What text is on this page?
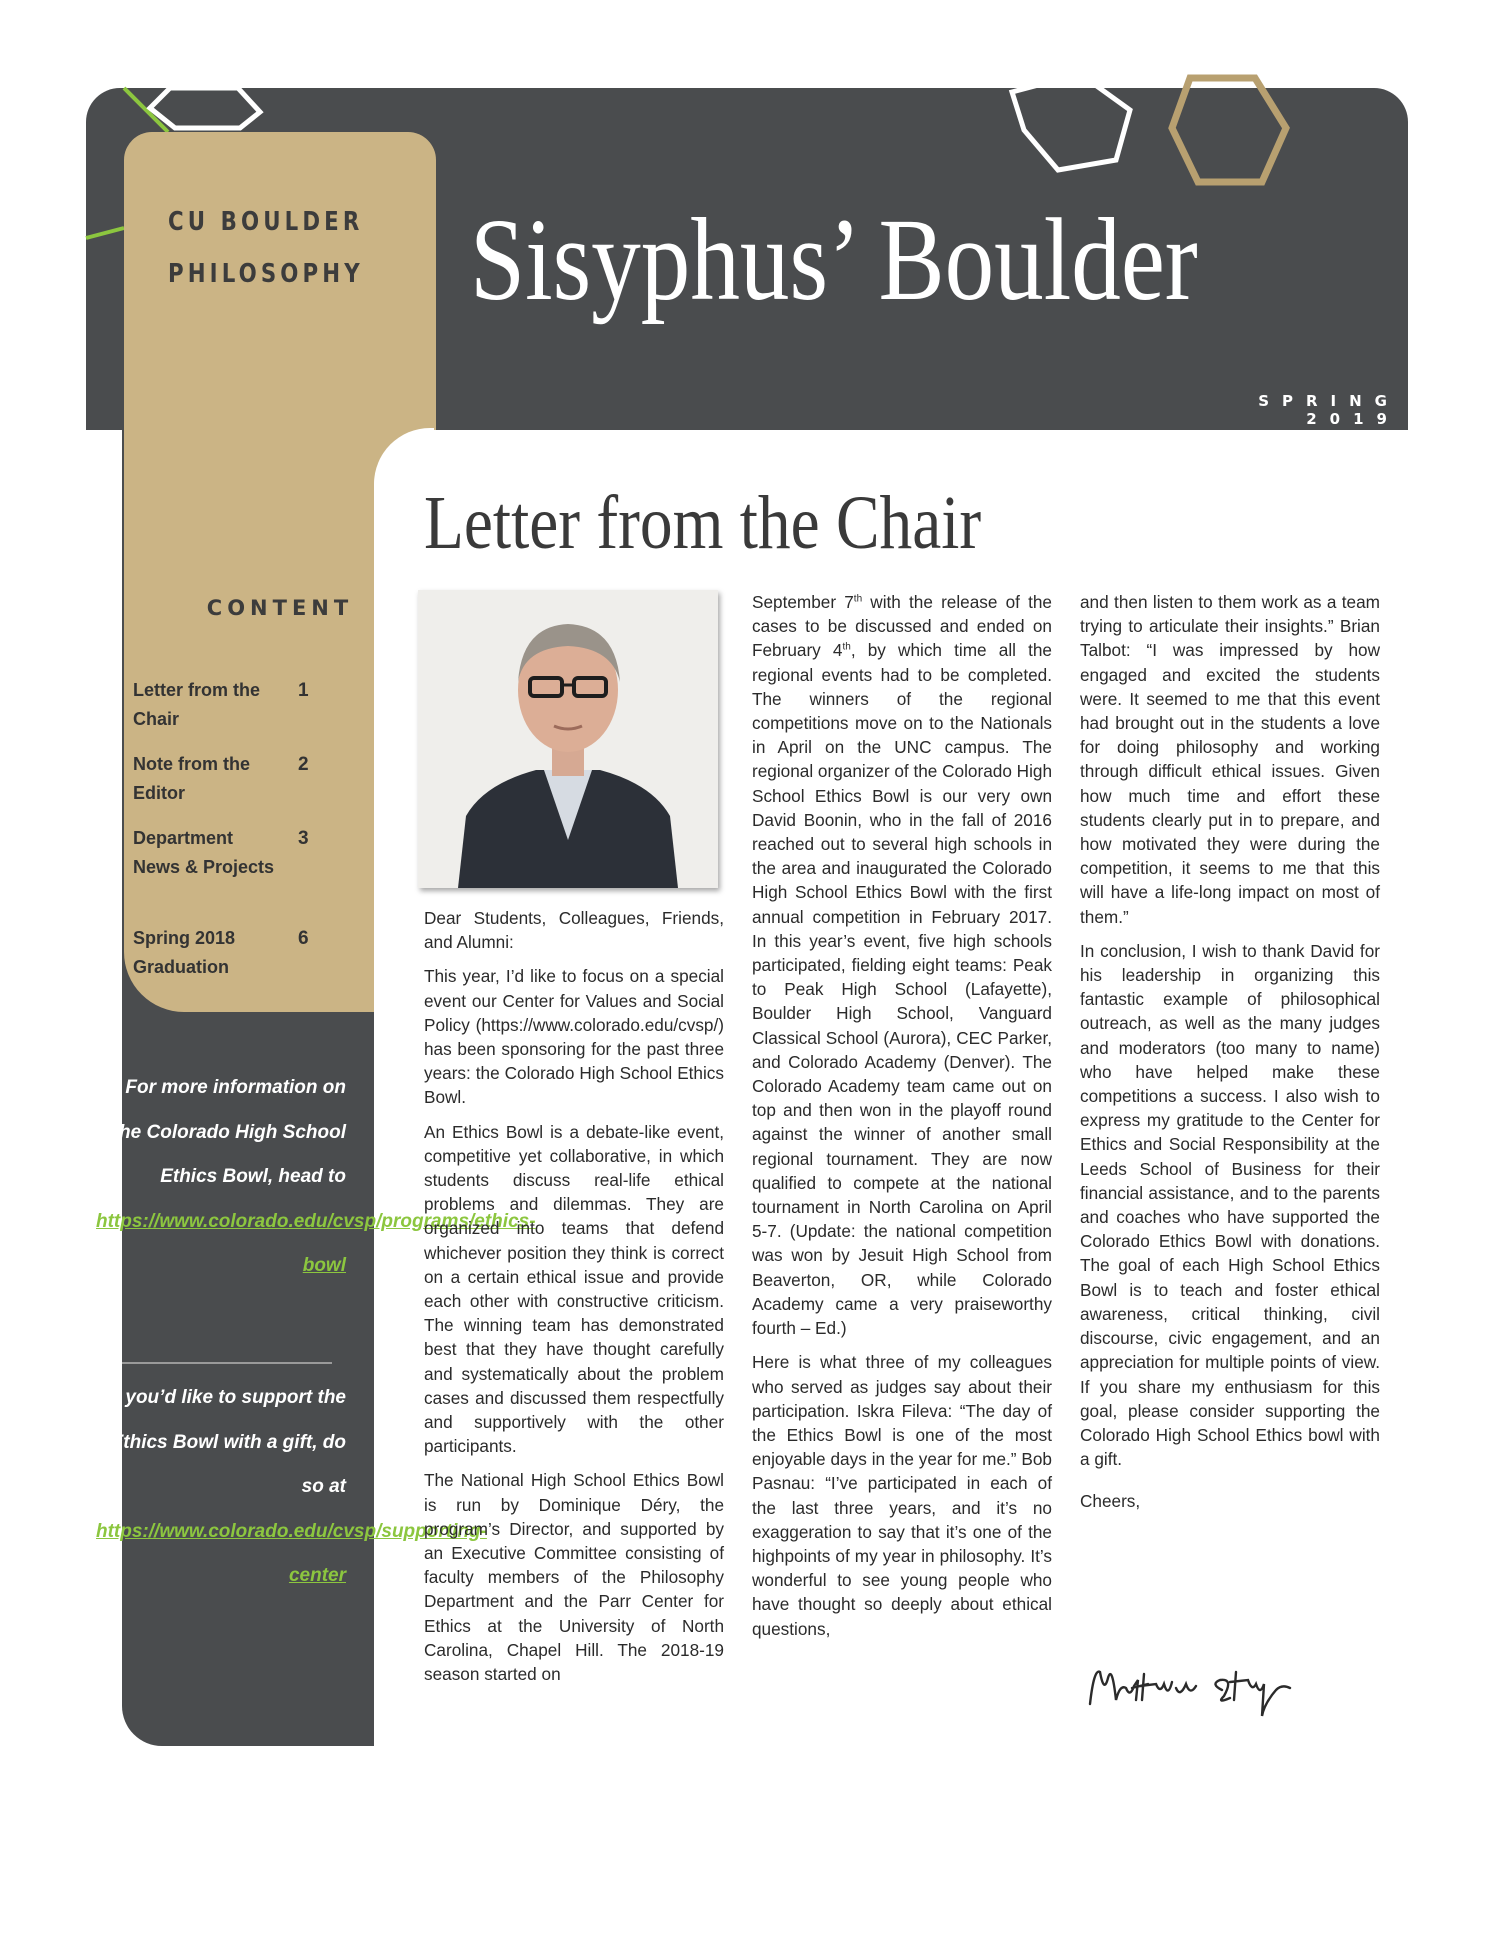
CU BOULDER
PHILOSOPHY Sisyphus’ Boulder
SPRING 2019
CONTENT
Letter from the
Chair
1
Note from the
Editor
2
Department
News & Projects
3
Spring 2018
Graduation
6
For more information on the Colorado High School Ethics Bowl, head to https://www.colorado.edu/cvsp/programs/ethics-bowl
If you’d like to support the Ethics Bowl with a gift, do so at https://www.colorado.edu/cvsp/supporting-center
Letter from the Chair

Dear Students, Colleagues, Friends, and Alumni:

This year, I’d like to focus on a special event our Center for Values and Social Policy (https://www.colorado.edu/cvsp/) has been sponsoring for the past three years: the Colorado High School Ethics Bowl.

An Ethics Bowl is a debate-like event, competitive yet collaborative, in which students discuss real-life ethical problems and dilemmas. They are organized into teams that defend whichever position they think is correct on a certain ethical issue and provide each other with constructive criticism. The winning team has demonstrated best that they have thought carefully and systematically about the problem cases and discussed them respectfully and supportively with the other participants.

The National High School Ethics Bowl is run by Dominique Déry, the program’s Director, and supported by an Executive Committee consisting of faculty members of the Philosophy Department and the Parr Center for Ethics at the University of North Carolina, Chapel Hill. The 2018-19 season started on

September 7th with the release of the cases to be discussed and ended on February 4th, by which time all the regional events had to be completed. The winners of the regional competitions move on to the Nationals in April on the UNC campus. The regional organizer of the Colorado High School Ethics Bowl is our very own David Boonin, who in the fall of 2016 reached out to several high schools in the area and inaugurated the Colorado High School Ethics Bowl with the first annual competition in February 2017. In this year’s event, five high schools participated, fielding eight teams: Peak to Peak High School (Lafayette), Boulder High School, Vanguard Classical School (Aurora), CEC Parker, and Colorado Academy (Denver). The Colorado Academy team came out on top and then won in the playoff round against the winner of another small regional tournament. They are now qualified to compete at the national tournament in North Carolina on April 5-7. (Update: the national competition was won by Jesuit High School from Beaverton, OR, while Colorado Academy came a very praiseworthy fourth – Ed.)

Here is what three of my colleagues who served as judges say about their participation. Iskra Fileva: “The day of the Ethics Bowl is one of the most enjoyable days in the year for me.” Bob Pasnau: “I’ve participated in each of the last three years, and it’s no exaggeration to say that it’s one of the highpoints of my year in philosophy. It’s wonderful to see young people who have thought so deeply about ethical questions,

and then listen to them work as a team trying to articulate their insights.” Brian Talbot: “I was impressed by how engaged and excited the students were. It seemed to me that this event had brought out in the students a love for doing philosophy and working through difficult ethical issues. Given how much time and effort these students clearly put in to prepare, and how motivated they were during the competition, it seems to me that this will have a life-long impact on most of them.”

In conclusion, I wish to thank David for his leadership in organizing this fantastic example of philosophical outreach, as well as the many judges and moderators (too many to name) who have helped make these competitions a success. I also wish to express my gratitude to the Center for Ethics and Social Responsibility at the Leeds School of Business for their financial assistance, and to the parents and coaches who have supported the Colorado Ethics Bowl with donations. The goal of each High School Ethics Bowl is to teach and foster ethical awareness, critical thinking, civil discourse, civic engagement, and an appreciation for multiple points of view. If you share my enthusiasm for this goal, please consider supporting the Colorado High School Ethics bowl with a gift.

Cheers,
